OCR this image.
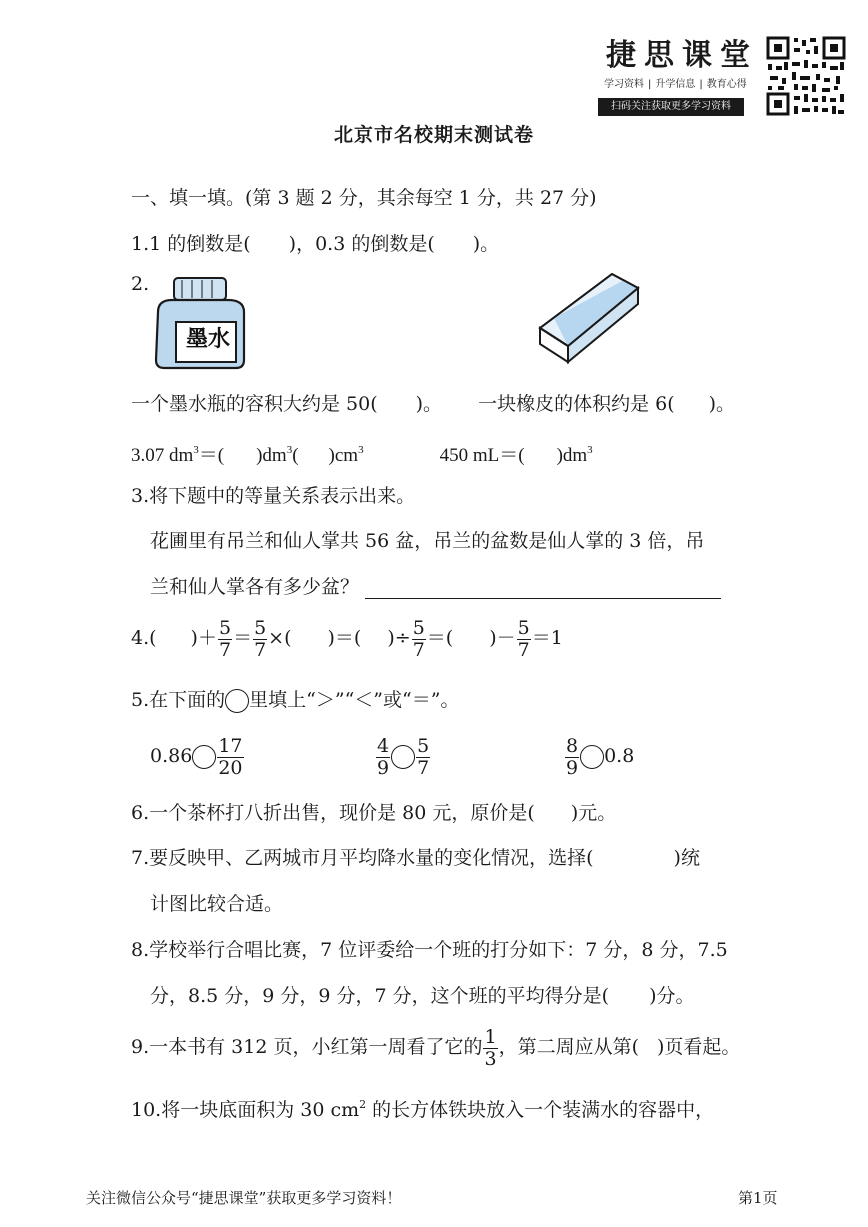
捷思课堂
学习资料 | 升学信息 | 教育心得
扫码关注获取更多学习资料
北京市名校期末测试卷
一、填一填。(第 3 题 2 分，其余每空 1 分，共 27 分)
1.1 的倒数是( )，0.3 的倒数是( )。
2.
墨水
一个墨水瓶的容积大约是 50( )。 一块橡皮的体积约是 6( )。
3.07 $dm^3=$( )$dm^3$( )$cm^3$	450 mL＝( )$dm^3$
3.将下题中的等量关系表示出来。
花圃里有吊兰和仙人掌共 56 盆，吊兰的盆数是仙人掌的 3 倍，吊
兰和仙人掌各有多少盆？
4.( )＋ $\frac{5}{7} = \frac{5}{7}$ ×( )＝( )÷ $\frac{5}{7}$ ＝( )－ $\frac{5}{7} =1$
5.在下面的 里填上“＞”“＜”或“＝”。
$0.86 \frac{17}{20}$	$\frac{4}{9} \frac{5}{7}$	$\frac{8}{9} 0.8$
6.一个茶杯打八折出售，现价是 80 元，原价是( )元。
7.要反映甲、乙两城市月平均降水量的变化情况，选择(	)统
计图比较合适。
8.学校举行合唱比赛，7 位评委给一个班的打分如下：7 分，8 分，7.5
分，8.5 分，9 分，9 分，7 分，这个班的平均得分是( )分。
9.一本书有 312 页，小红第一周看了它的 $\frac{1}{3}$ ，第二周应从第( )页看起。
10.将一块底面积为 30 $cm^2$ 的长方体铁块放入一个装满水的容器中，
关注微信公众号“捷思课堂”获取更多学习资料！	第1页
